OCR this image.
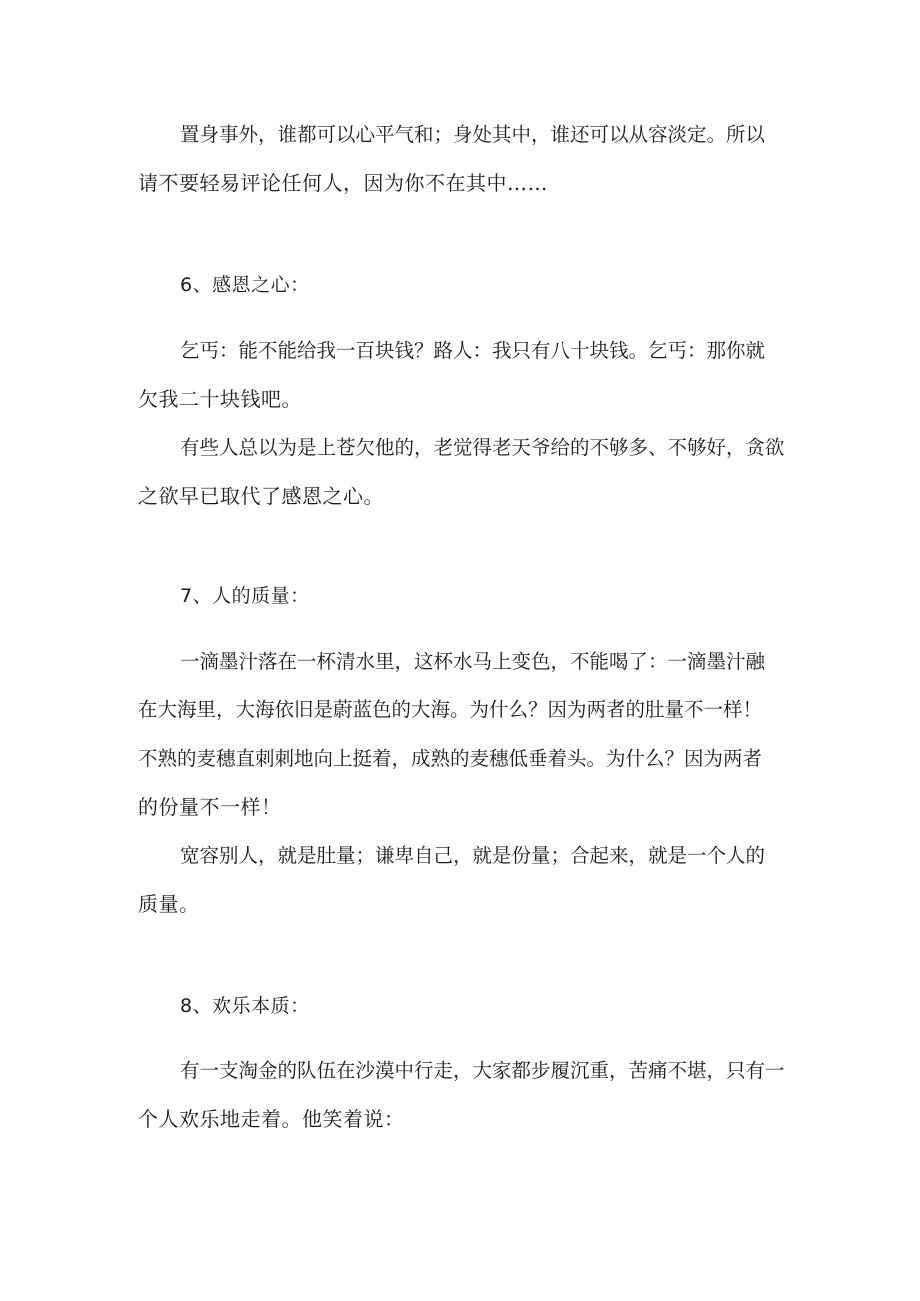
置身事外，谁都可以心平气和；身处其中，谁还可以从容淡定。所以
请不要轻易评论任何人，因为你不在其中……
6、感恩之心：
乞丐：能不能给我一百块钱？路人：我只有八十块钱。乞丐：那你就
欠我二十块钱吧。
有些人总以为是上苍欠他的，老觉得老天爷给的不够多、不够好，贪欲
之欲早已取代了感恩之心。
7、人的质量：
一滴墨汁落在一杯清水里，这杯水马上变色，不能喝了：一滴墨汁融
在大海里，大海依旧是蔚蓝色的大海。为什么？因为两者的肚量不一样！
不熟的麦穗直刺刺地向上挺着，成熟的麦穗低垂着头。为什么？因为两者
的份量不一样！
宽容别人，就是肚量；谦卑自己，就是份量；合起来，就是一个人的
质量。
8、欢乐本质：
有一支淘金的队伍在沙漠中行走，大家都步履沉重，苦痛不堪，只有一
个人欢乐地走着。他笑着说：
